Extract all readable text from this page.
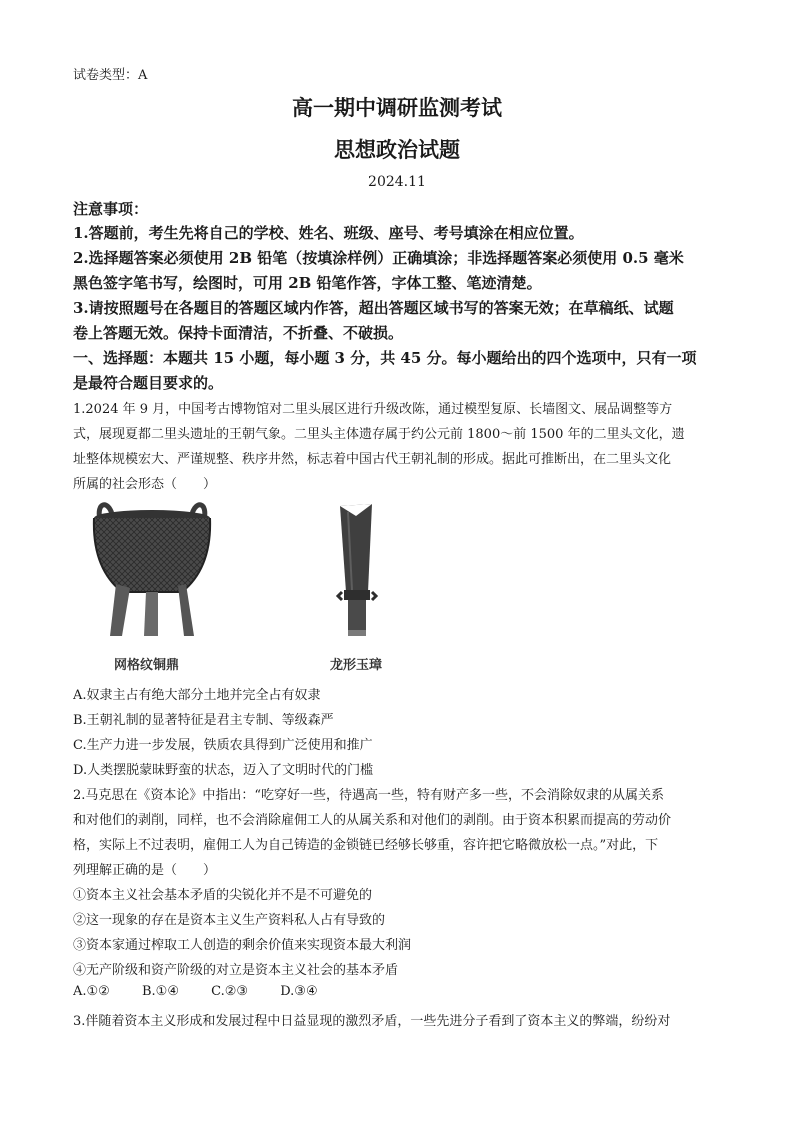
试卷类型：A
高一期中调研监测考试
思想政治试题
2024.11
注意事项：
1.答题前，考生先将自己的学校、姓名、班级、座号、考号填涂在相应位置。
2.选择题答案必须使用 2B 铅笔（按填涂样例）正确填涂；非选择题答案必须使用 0.5 毫米
黑色签字笔书写，绘图时，可用 2B 铅笔作答，字体工整、笔迹清楚。
3.请按照题号在各题目的答题区域内作答，超出答题区域书写的答案无效；在草稿纸、试题
卷上答题无效。保持卡面清洁，不折叠、不破损。
一、选择题：本题共 15 小题，每小题 3 分，共 45 分。每小题给出的四个选项中，只有一项
是最符合题目要求的。
1.2024 年 9 月，中国考古博物馆对二里头展区进行升级改陈，通过模型复原、长墙图文、展品调整等方
式，展现夏都二里头遗址的王朝气象。二里头主体遗存属于约公元前 1800～前 1500 年的二里头文化，遗
址整体规模宏大、严谨规整、秩序井然，标志着中国古代王朝礼制的形成。据此可推断出，在二里头文化
所属的社会形态（　　）
网格纹铜鼎	龙形玉璋
A.奴隶主占有绝大部分土地并完全占有奴隶
B.王朝礼制的显著特征是君主专制、等级森严
C.生产力进一步发展，铁质农具得到广泛使用和推广
D.人类摆脱蒙昧野蛮的状态，迈入了文明时代的门槛
2.马克思在《资本论》中指出：“吃穿好一些，待遇高一些，特有财产多一些，不会消除奴隶的从属关系
和对他们的剥削，同样，也不会消除雇佣工人的从属关系和对他们的剥削。由于资本积累而提高的劳动价
格，实际上不过表明，雇佣工人为自己铸造的金锁链已经够长够重，容许把它略微放松一点。”对此，下
列理解正确的是（　　）
①资本主义社会基本矛盾的尖锐化并不是不可避免的
②这一现象的存在是资本主义生产资料私人占有导致的
③资本家通过榨取工人创造的剩余价值来实现资本最大利润
④无产阶级和资产阶级的对立是资本主义社会的基本矛盾
A.①② B.①④ C.②③ D.③④
3.伴随着资本主义形成和发展过程中日益显现的激烈矛盾，一些先进分子看到了资本主义的弊端，纷纷对
